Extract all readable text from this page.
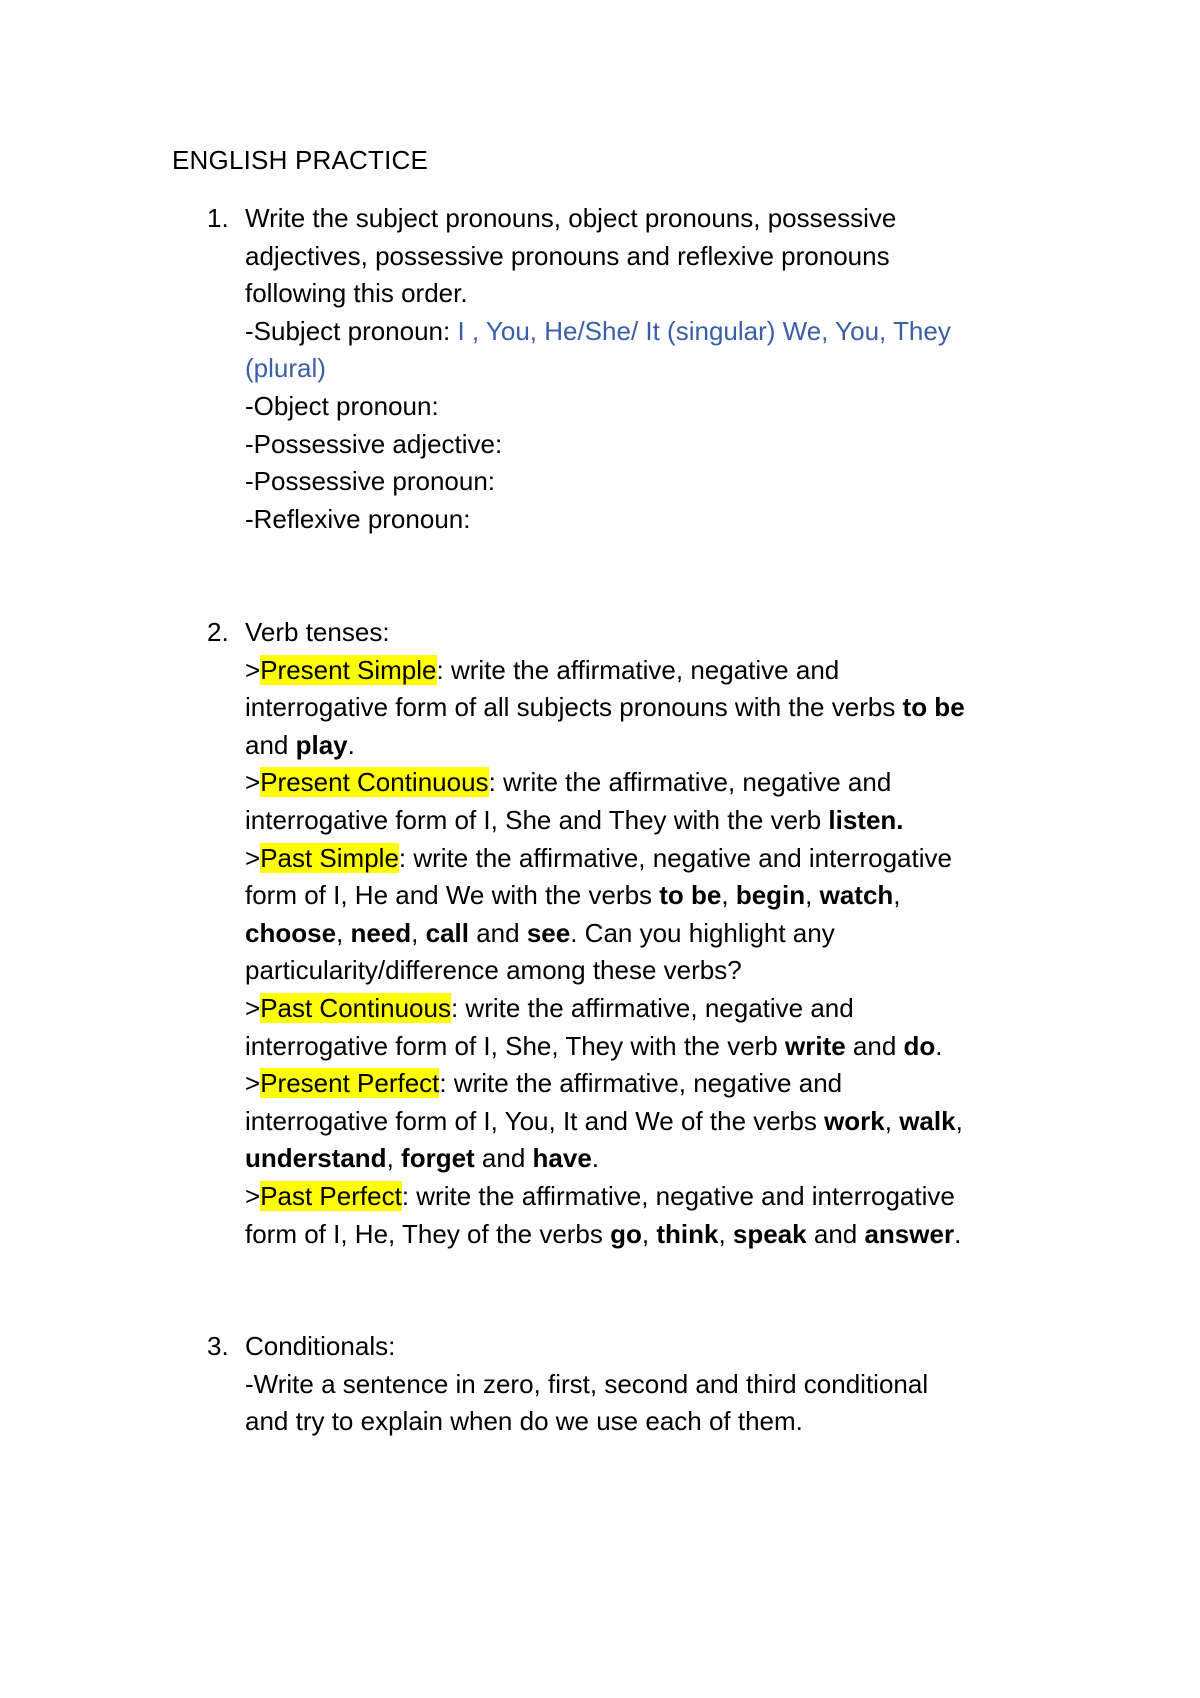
ENGLISH PRACTICE
1. Write the subject pronouns, object pronouns, possessive
adjectives, possessive pronouns and reflexive pronouns
following this order.
-Subject pronoun: I , You, He/She/ It (singular) We, You, They
(plural)
-Object pronoun:
-Possessive adjective:
-Possessive pronoun:
-Reflexive pronoun:
2. Verb tenses:
>Present Simple: write the affirmative, negative and
interrogative form of all subjects pronouns with the verbs to be
and play.
>Present Continuous: write the affirmative, negative and
interrogative form of I, She and They with the verb listen.
>Past Simple: write the affirmative, negative and interrogative
form of I, He and We with the verbs to be, begin, watch,
choose, need, call and see. Can you highlight any
particularity/difference among these verbs?
>Past Continuous: write the affirmative, negative and
interrogative form of I, She, They with the verb write and do.
>Present Perfect: write the affirmative, negative and
interrogative form of I, You, It and We of the verbs work, walk,
understand, forget and have.
>Past Perfect: write the affirmative, negative and interrogative
form of I, He, They of the verbs go, think, speak and answer.
3. Conditionals:
-Write a sentence in zero, first, second and third conditional
and try to explain when do we use each of them.
